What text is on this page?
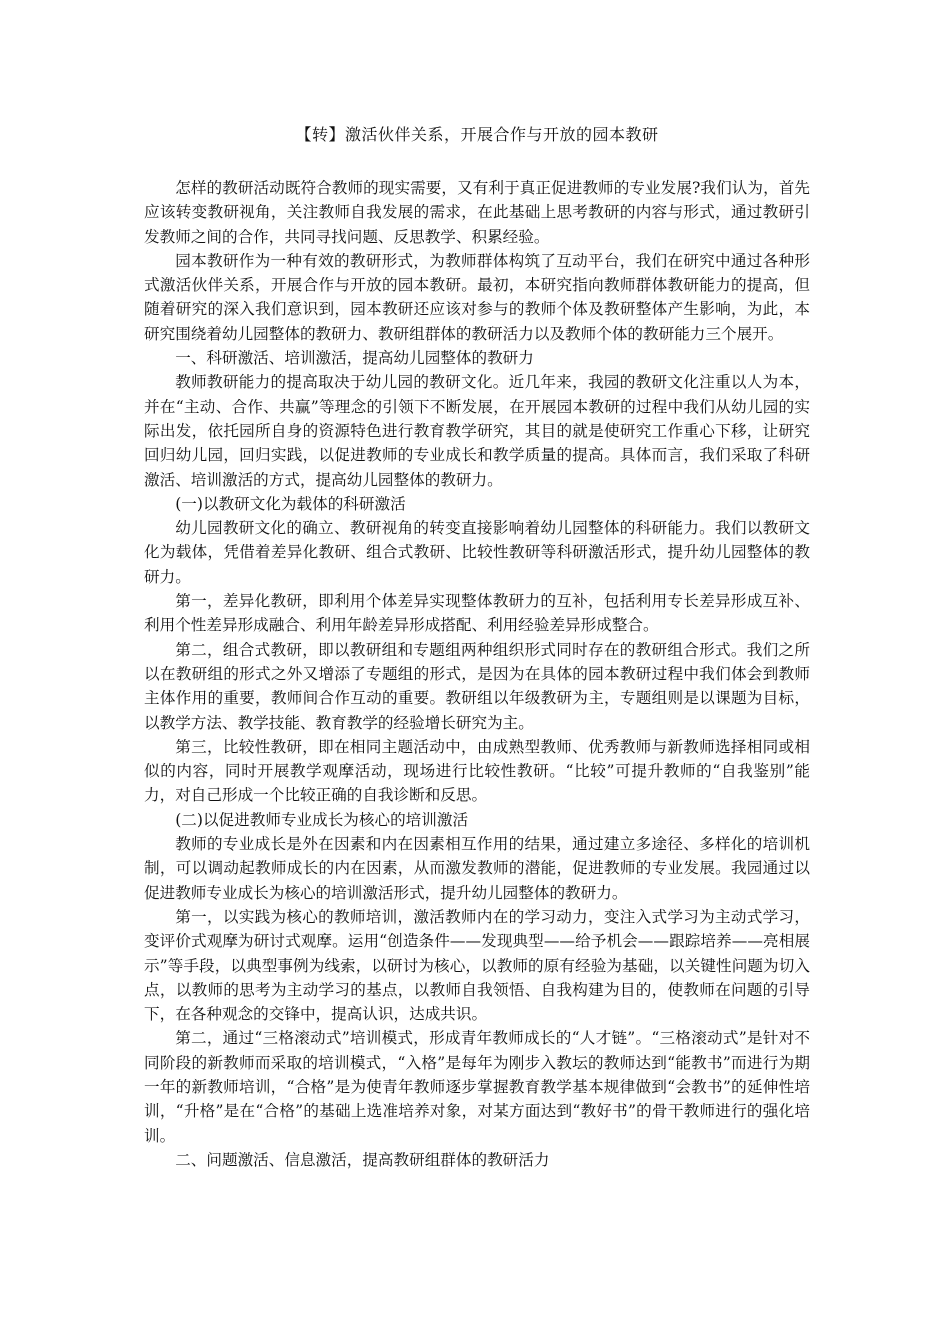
【转】激活伙伴关系，开展合作与开放的园本教研

怎样的教研活动既符合教师的现实需要，又有利于真正促进教师的专业发展?我们认为，首先应该转变教研视角，关注教师自我发展的需求，在此基础上思考教研的内容与形式，通过教研引发教师之间的合作，共同寻找问题、反思教学、积累经验。

园本教研作为一种有效的教研形式，为教师群体构筑了互动平台，我们在研究中通过各种形式激活伙伴关系，开展合作与开放的园本教研。最初，本研究指向教师群体教研能力的提高，但随着研究的深入我们意识到，园本教研还应该对参与的教师个体及教研整体产生影响，为此，本研究围绕着幼儿园整体的教研力、教研组群体的教研活力以及教师个体的教研能力三个展开。

一、科研激活、培训激活，提高幼儿园整体的教研力

教师教研能力的提高取决于幼儿园的教研文化。近几年来，我园的教研文化注重以人为本，并在“主动、合作、共赢”等理念的引领下不断发展，在开展园本教研的过程中我们从幼儿园的实际出发，依托园所自身的资源特色进行教育教学研究，其目的就是使研究工作重心下移，让研究回归幼儿园，回归实践，以促进教师的专业成长和教学质量的提高。具体而言，我们采取了科研激活、培训激活的方式，提高幼儿园整体的教研力。

(一)以教研文化为载体的科研激活

幼儿园教研文化的确立、教研视角的转变直接影响着幼儿园整体的科研能力。我们以教研文化为载体，凭借着差异化教研、组合式教研、比较性教研等科研激活形式，提升幼儿园整体的教研力。

第一，差异化教研，即利用个体差异实现整体教研力的互补，包括利用专长差异形成互补、利用个性差异形成融合、利用年龄差异形成搭配、利用经验差异形成整合。

第二，组合式教研，即以教研组和专题组两种组织形式同时存在的教研组合形式。我们之所以在教研组的形式之外又增添了专题组的形式，是因为在具体的园本教研过程中我们体会到教师主体作用的重要，教师间合作互动的重要。教研组以年级教研为主，专题组则是以课题为目标，以教学方法、教学技能、教育教学的经验增长研究为主。

第三，比较性教研，即在相同主题活动中，由成熟型教师、优秀教师与新教师选择相同或相似的内容，同时开展教学观摩活动，现场进行比较性教研。“比较”可提升教师的“自我鉴别”能力，对自己形成一个比较正确的自我诊断和反思。

(二)以促进教师专业成长为核心的培训激活

教师的专业成长是外在因素和内在因素相互作用的结果，通过建立多途径、多样化的培训机制，可以调动起教师成长的内在因素，从而激发教师的潜能，促进教师的专业发展。我园通过以促进教师专业成长为核心的培训激活形式，提升幼儿园整体的教研力。

第一，以实践为核心的教师培训，激活教师内在的学习动力，变注入式学习为主动式学习，变评价式观摩为研讨式观摩。运用“创造条件——发现典型——给予机会——跟踪培养——亮相展示”等手段，以典型事例为线索，以研讨为核心，以教师的原有经验为基础，以关键性问题为切入点，以教师的思考为主动学习的基点，以教师自我领悟、自我构建为目的，使教师在问题的引导下，在各种观念的交锋中，提高认识，达成共识。

第二，通过“三格滚动式”培训模式，形成青年教师成长的“人才链”。“三格滚动式”是针对不同阶段的新教师而采取的培训模式，“入格”是每年为刚步入教坛的教师达到“能教书”而进行为期一年的新教师培训，“合格”是为使青年教师逐步掌握教育教学基本规律做到“会教书”的延伸性培训，“升格”是在“合格”的基础上选准培养对象，对某方面达到“教好书”的骨干教师进行的强化培训。

二、问题激活、信息激活，提高教研组群体的教研活力
